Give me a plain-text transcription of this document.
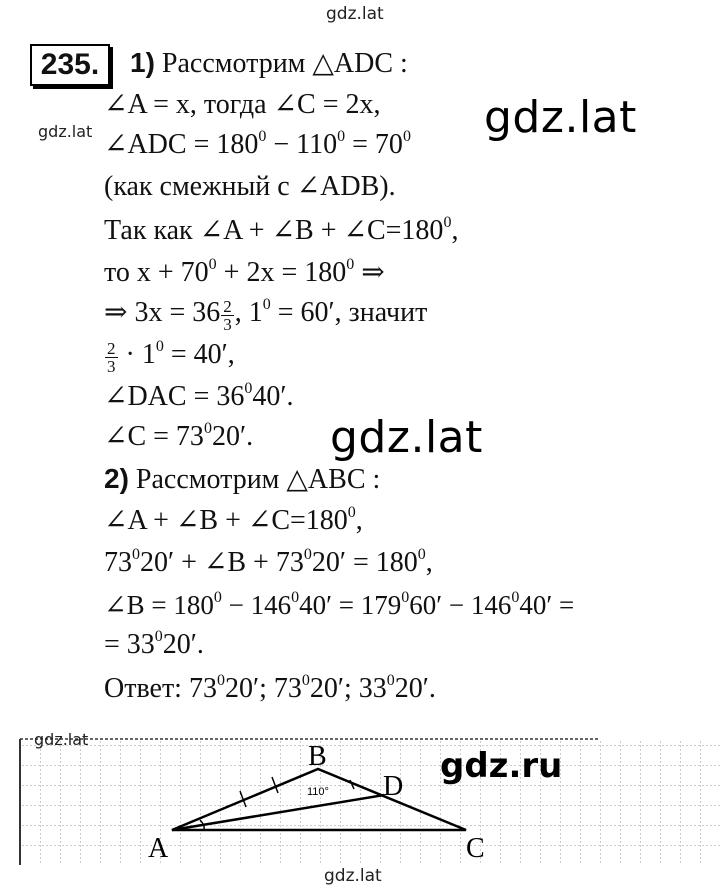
gdz.lat
gdz.lat	gdz.lat
gdz.lat
gdz.lat
235.	1) Рассмотрим △ADC :
∠A = x, тогда ∠C = 2x,
∠ADC = $180^0 - 110^0 = 70^0$
(как смежный с ∠ADB).
Так как ∠A + ∠B + $\angle C=180^0$,
то $x + 70^0 + 2x = 180^0$ ⇒
⇒ $3x = 36 \frac{2}{3}$ , $1^0 = 60'$, значит
$\frac{2}{3} \cdot 1^0 = 40'$,
∠DAC = $36^040'$.
∠C = $73^020'$.
2) Рассмотрим △ABC :
∠A + ∠B + $\angle C=180^0$,
$73^020'$ + ∠B + $73^020' = 180^0$,
∠B = $180^0 - 146^040' = 179^060' - 146^040'$ =
= $33^020'$.
Ответ: $73^020'$; $73^020'$; $33^020'$.
A
B
C
D
110°
gdz.lat
gdz.ru
